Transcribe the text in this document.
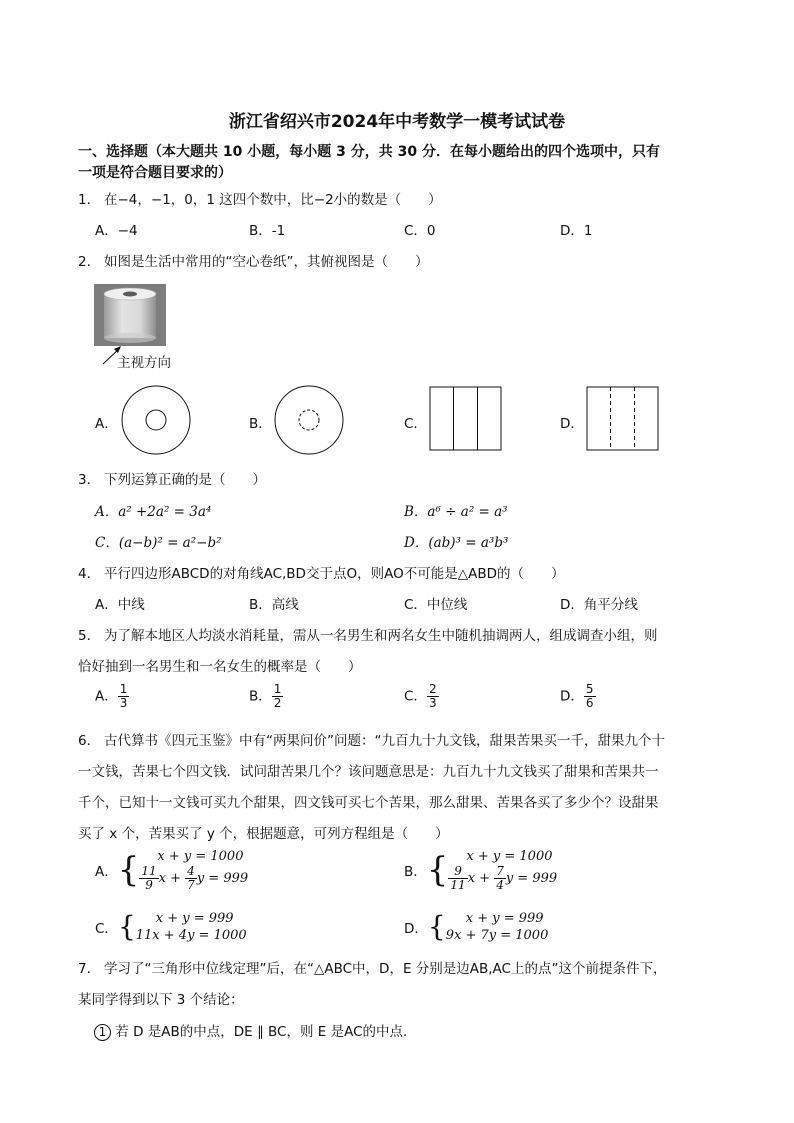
浙江省绍兴市2024年中考数学一模考试试卷
一、选择题（本大题共 10 小题，每小题 3 分，共 30 分．在每小题给出的四个选项中，只有
一项是符合题目要求的）
1． 在−4，−1，0，1 这四个数中，比−2小的数是（　　）
A．−4	B．-1	C．0	D．1
2． 如图是生活中常用的“空心卷纸”，其俯视图是（　　）
主视方向
A．	B．	C．	D．
3． 下列运算正确的是（　　）
A．a² +2a² = 3a⁴	B．a⁶ ÷ a² = a³
C．(a−b)² = a²−b²	D．(ab)³ = a³b³
4． 平行四边形ABCD的对角线AC,BD交于点O，则AO不可能是△ABD的（　　）
A．中线	B．高线	C．中位线	D．角平分线
5． 为了解本地区人均淡水消耗量，需从一名男生和两名女生中随机抽调两人，组成调查小组，则
恰好抽到一名男生和一名女生的概率是（　　）
A． $\frac{1}{3}$	B． $\frac{1}{2}$	C． $\frac{2}{3}$	D． $\frac{5}{6}$
6． 古代算书《四元玉鉴》中有“两果问价”问题：“九百九十九文钱，甜果苦果买一千，甜果九个十
一文钱，苦果七个四文钱．试问甜苦果几个？该问题意思是：九百九十九文钱买了甜果和苦果共一
千个，已知十一文钱可买九个甜果，四文钱可买七个苦果，那么甜果、苦果各买了多少个？设甜果
买了 x 个，苦果买了 y 个，根据题意，可列方程组是（　　）
A．{	x + y = 1000
$\frac{11}{9}$ $x + \frac{4}{7}$ y = 999	B．{	x + y = 1000
$\frac{9}{11}$ $x + \frac{7}{4}$ y = 999
C．{	x + y = 999
11x + 4y = 1000	D．{	x + y = 999
9x + 7y = 1000
7． 学习了“三角形中位线定理”后，在“△ABC中，D，E 分别是边AB,AC上的点”这个前提条件下，
某同学得到以下 3 个结论：
1 若 D 是AB的中点，DE ∥ BC，则 E 是AC的中点．
